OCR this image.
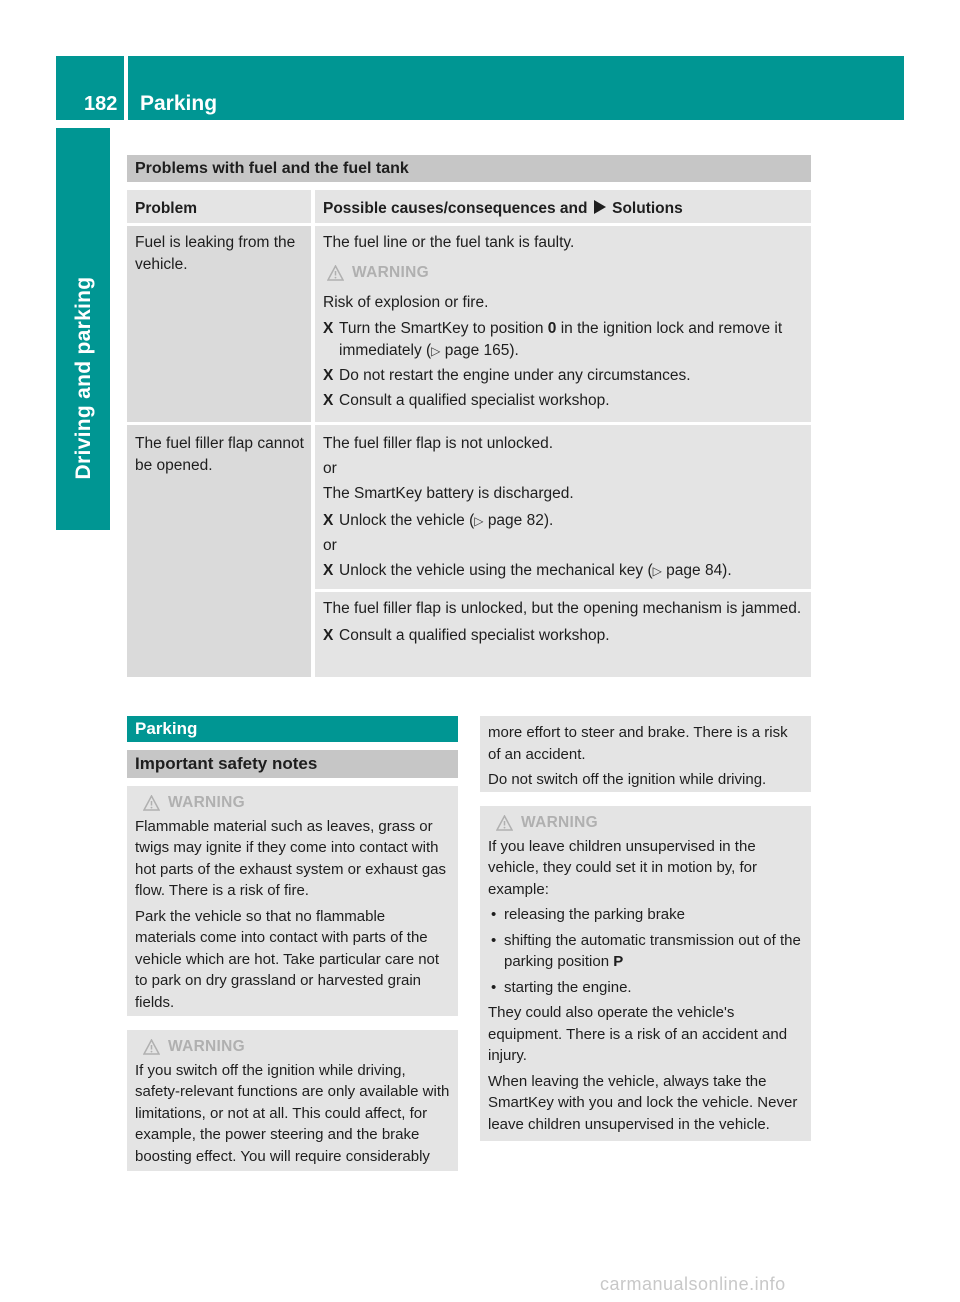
182 Parking
Driving and parking
Problems with fuel and the fuel tank
Problem	Possible causes/consequences and Solutions

Fuel is leaking from the vehicle.

The fuel line or the fuel tank is faulty.

WARNING

Risk of explosion or fire.

X Turn the SmartKey to position 0 in the ignition lock and remove it immediately (▷ page 165).

X Do not restart the engine under any circumstances.

X Consult a qualified specialist workshop.

The fuel filler flap cannot be opened.

The fuel filler flap is not unlocked.

or

The SmartKey battery is discharged.

X Unlock the vehicle (▷ page 82).

or

X Unlock the vehicle using the mechanical key (▷ page 84).

The fuel filler flap is unlocked, but the opening mechanism is jammed.

X Consult a qualified specialist workshop.

Parking
Important safety notes
WARNING

Flammable material such as leaves, grass or twigs may ignite if they come into contact with hot parts of the exhaust system or exhaust gas flow. There is a risk of fire.

Park the vehicle so that no flammable materials come into contact with parts of the vehicle which are hot. Take particular care not to park on dry grassland or harvested grain fields.

WARNING

If you switch off the ignition while driving, safety-relevant functions are only available with limitations, or not at all. This could affect, for example, the power steering and the brake boosting effect. You will require considerably

more effort to steer and brake. There is a risk of an accident.

Do not switch off the ignition while driving.

WARNING

If you leave children unsupervised in the vehicle, they could set it in motion by, for example:

• releasing the parking brake

• shifting the automatic transmission out of the parking position P

• starting the engine.

They could also operate the vehicle's equipment. There is a risk of an accident and injury.

When leaving the vehicle, always take the SmartKey with you and lock the vehicle. Never leave children unsupervised in the vehicle.

carmanualsonline.info
